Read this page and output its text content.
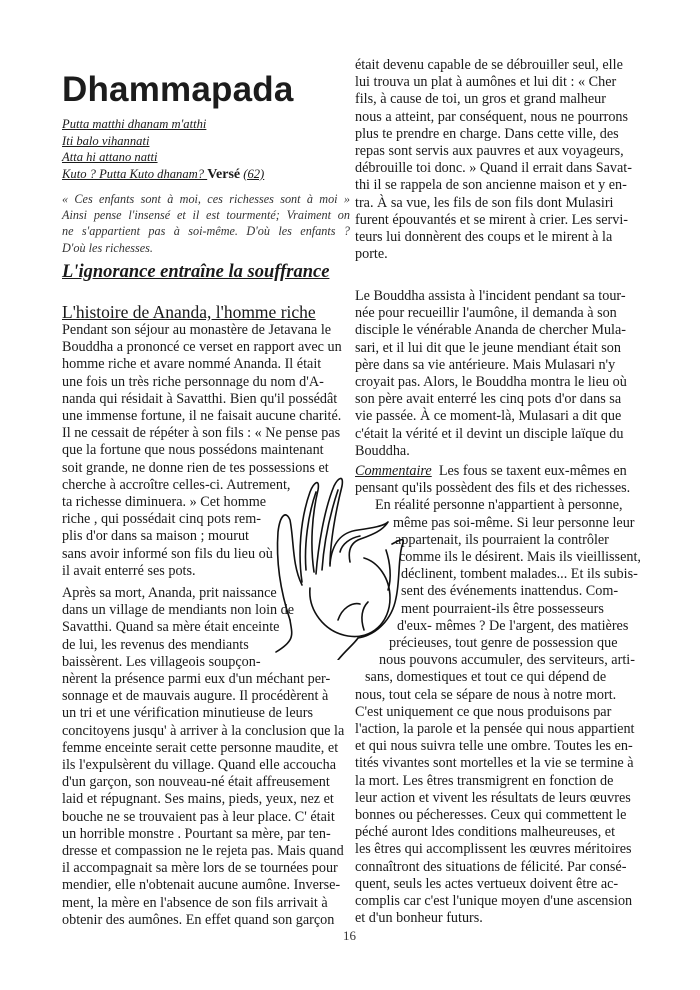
Dhammapada
Putta matthi dhanam m'atthi
Iti balo vihannati
Atta hi attano natti
Kuto ? Putta Kuto dhanam? Versé (62)
« Ces enfants sont à moi, ces richesses sont à moi »
Ainsi pense l'insensé et il est tourmenté; Vraiment on
ne s'appartient pas à soi-même. D'où les enfants ?
D'où les richesses.
L'ignorance entraîne la souffrance
L'histoire de Ananda, l'homme riche
Pendant son séjour au monastère de Jetavana le
Bouddha a prononcé ce verset en rapport avec un
homme riche et avare nommé Ananda. Il était
une fois un très riche personnage du nom d'A-
nanda qui résidait à Savatthi. Bien qu'il possédât
une immense fortune, il ne faisait aucune charité.
Il ne cessait de répéter à son fils : « Ne pense pas
que la fortune que nous possédons maintenant
soit grande, ne donne rien de tes possessions et
cherche à accroître celles-ci. Autrement,
ta richesse diminuera. » Cet homme
riche , qui possédait cinq pots rem-
plis d'or dans sa maison ; mourut
sans avoir informé son fils du lieu où
il avait enterré ses pots.
Après sa mort, Ananda, prit naissance
dans un village de mendiants non loin de
Savatthi. Quand sa mère était enceinte
de lui, les revenus des mendiants
baissèrent. Les villageois soupçon-
nèrent la présence parmi eux d'un méchant per-
sonnage et de mauvais augure. Il procédèrent à
un tri et une vérification minutieuse de leurs
concitoyens jusqu' à arriver à la conclusion que la
femme enceinte serait cette personne maudite, et
ils l'expulsèrent du village. Quand elle accoucha
d'un garçon, son nouveau-né était affreusement
laid et répugnant. Ses mains, pieds, yeux, nez et
bouche ne se trouvaient pas à leur place. C' était
un horrible monstre . Pourtant sa mère, par ten-
dresse et compassion ne le rejeta pas. Mais quand
il accompagnait sa mère lors de se tournées pour
mendier, elle n'obtenait aucune aumône. Inverse-
ment, la mère en l'absence de son fils arrivait à
obtenir des aumônes. En effet quand son garçon
était devenu capable de se débrouiller seul, elle
lui trouva un plat à aumônes et lui dit : « Cher
fils, à cause de toi, un gros et grand malheur
nous a atteint, par conséquent, nous ne pourrons
plus te prendre en charge. Dans cette ville, des
repas sont servis aux pauvres et aux voyageurs,
débrouille toi donc. » Quand il errait dans Savat-
thi il se rappela de son ancienne maison et y en-
tra. À sa vue, les fils de son fils dont Mulasiri
furent épouvantés et se mirent à crier. Les servi-
teurs lui donnèrent des coups et le mirent à la
porte.
Le Bouddha assista à l'incident pendant sa tour-
née pour recueillir l'aumône, il demanda à son
disciple le vénérable Ananda de chercher Mula-
sari, et il lui dit que le jeune mendiant était son
père dans sa vie antérieure. Mais Mulasari n'y
croyait pas. Alors, le Bouddha montra le lieu où
son père avait enterré les cinq pots d'or dans sa
vie passée. À ce moment-là, Mulasari a dit que
c'était la vérité et il devint un disciple laïque du
Bouddha.
Commentaire  Les fous se taxent eux-mêmes en
pensant qu'ils possèdent des fils et des richesses.
En réalité personne n'appartient à personne,
même pas soi-même. Si leur personne leur
appartenait, ils pourraient la contrôler
comme ils le désirent. Mais ils vieillissent,
déclinent, tombent malades... Et ils subis-
sent des événements inattendus. Com-
ment pourraient-ils être possesseurs
d'eux- mêmes ? De l'argent, des matières
précieuses, tout genre de possession que
nous pouvons accumuler, des serviteurs, arti-
sans, domestiques et tout ce qui dépend de
nous, tout cela se sépare de nous à notre mort.
C'est uniquement ce que nous produisons par
l'action, la parole et la pensée qui nous appartient
et qui nous suivra telle une ombre. Toutes les en-
tités vivantes sont mortelles et la vie se termine à
la mort. Les êtres transmigrent en fonction de
leur action et vivent les résultats de leurs œuvres
bonnes ou pécheresses. Ceux qui commettent le
péché auront ldes conditions malheureuses, et
les êtres qui accomplissent les œuvres méritoires
connaîtront des situations de félicité. Par consé-
quent, seuls les actes vertueux doivent être ac-
complis car c'est l'unique moyen d'une ascension
et d'un bonheur futurs.
16
